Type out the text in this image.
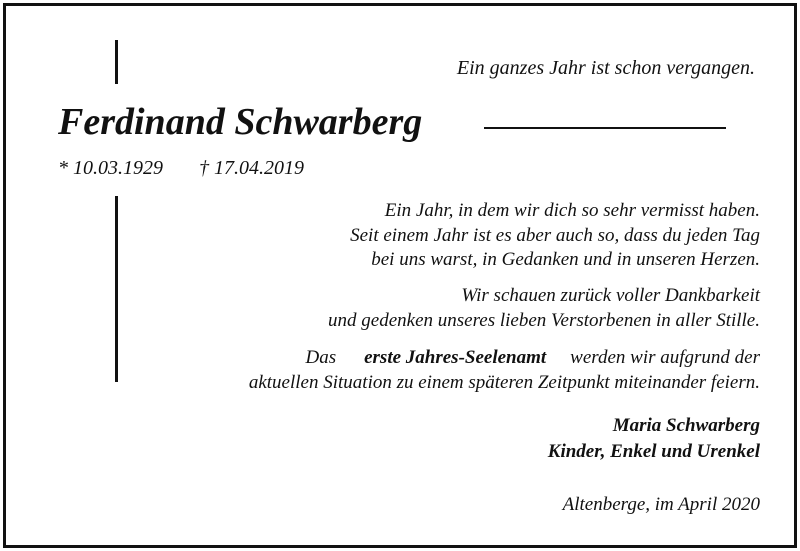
Ein ganzes Jahr ist schon vergangen.

Ferdinand Schwarberg

* 10.03.1929 † 17.04.2019

Ein Jahr, in dem wir dich so sehr vermisst haben.
Seit einem Jahr ist es aber auch so, dass du jeden Tag
bei uns warst, in Gedanken und in unseren Herzen.
Wir schauen zurück voller Dankbarkeit
und gedenken unseres lieben Verstorbenen in aller Stille.
Das erste Jahres-Seelenamt werden wir aufgrund der
aktuellen Situation zu einem späteren Zeitpunkt miteinander feiern.
Maria Schwarberg
Kinder, Enkel und Urenkel
Altenberge, im April 2020
